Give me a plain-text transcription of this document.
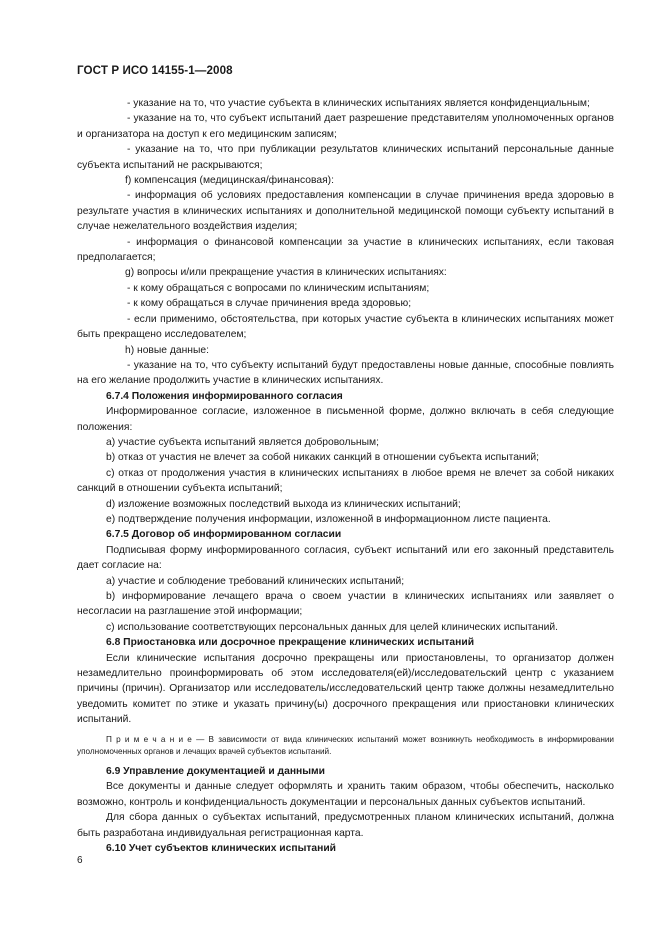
ГОСТ Р ИСО 14155-1—2008

- указание на то, что участие субъекта в клинических испытаниях является конфиденциальным;

- указание на то, что субъект испытаний дает разрешение представителям уполномоченных органов и организатора на доступ к его медицинским записям;

- указание на то, что при публикации результатов клинических испытаний персональные данные субъекта испытаний не раскрываются;

f) компенсация (медицинская/финансовая):

- информация об условиях предоставления компенсации в случае причинения вреда здоровью в результате участия в клинических испытаниях и дополнительной медицинской помощи субъекту испытаний в случае нежелательного воздействия изделия;

- информация о финансовой компенсации за участие в клинических испытаниях, если таковая предполагается;

g) вопросы и/или прекращение участия в клинических испытаниях:

- к кому обращаться с вопросами по клиническим испытаниям;

- к кому обращаться в случае причинения вреда здоровью;

- если применимо, обстоятельства, при которых участие субъекта в клинических испытаниях может быть прекращено исследователем;

h) новые данные:

- указание на то, что субъекту испытаний будут предоставлены новые данные, способные повлиять на его желание продолжить участие в клинических испытаниях.

6.7.4 Положения информированного согласия

Информированное согласие, изложенное в письменной форме, должно включать в себя следующие положения:

а) участие субъекта испытаний является добровольным;

b) отказ от участия не влечет за собой никаких санкций в отношении субъекта испытаний;

c) отказ от продолжения участия в клинических испытаниях в любое время не влечет за собой никаких санкций в отношении субъекта испытаний;

d) изложение возможных последствий выхода из клинических испытаний;

e) подтверждение получения информации, изложенной в информационном листе пациента.

6.7.5 Договор об информированном согласии

Подписывая форму информированного согласия, субъект испытаний или его законный представитель дает согласие на:

а) участие и соблюдение требований клинических испытаний;

b) информирование лечащего врача о своем участии в клинических испытаниях или заявляет о несогласии на разглашение этой информации;

c) использование соответствующих персональных данных для целей клинических испытаний.

6.8 Приостановка или досрочное прекращение клинических испытаний

Если клинические испытания досрочно прекращены или приостановлены, то организатор должен незамедлительно проинформировать об этом исследователя(ей)/исследовательский центр с указанием причины (причин). Организатор или исследователь/исследовательский центр также должны незамедлительно уведомить комитет по этике и указать причину(ы) досрочного прекращения или приостановки клинических испытаний.

П р и м е ч а н и е — В зависимости от вида клинических испытаний может возникнуть необходимость в информировании уполномоченных органов и лечащих врачей субъектов испытаний.

6.9 Управление документацией и данными

Все документы и данные следует оформлять и хранить таким образом, чтобы обеспечить, насколько возможно, контроль и конфиденциальность документации и персональных данных субъектов испытаний.

Для сбора данных о субъектах испытаний, предусмотренных планом клинических испытаний, должна быть разработана индивидуальная регистрационная карта.

6.10 Учет субъектов клинических испытаний

6
